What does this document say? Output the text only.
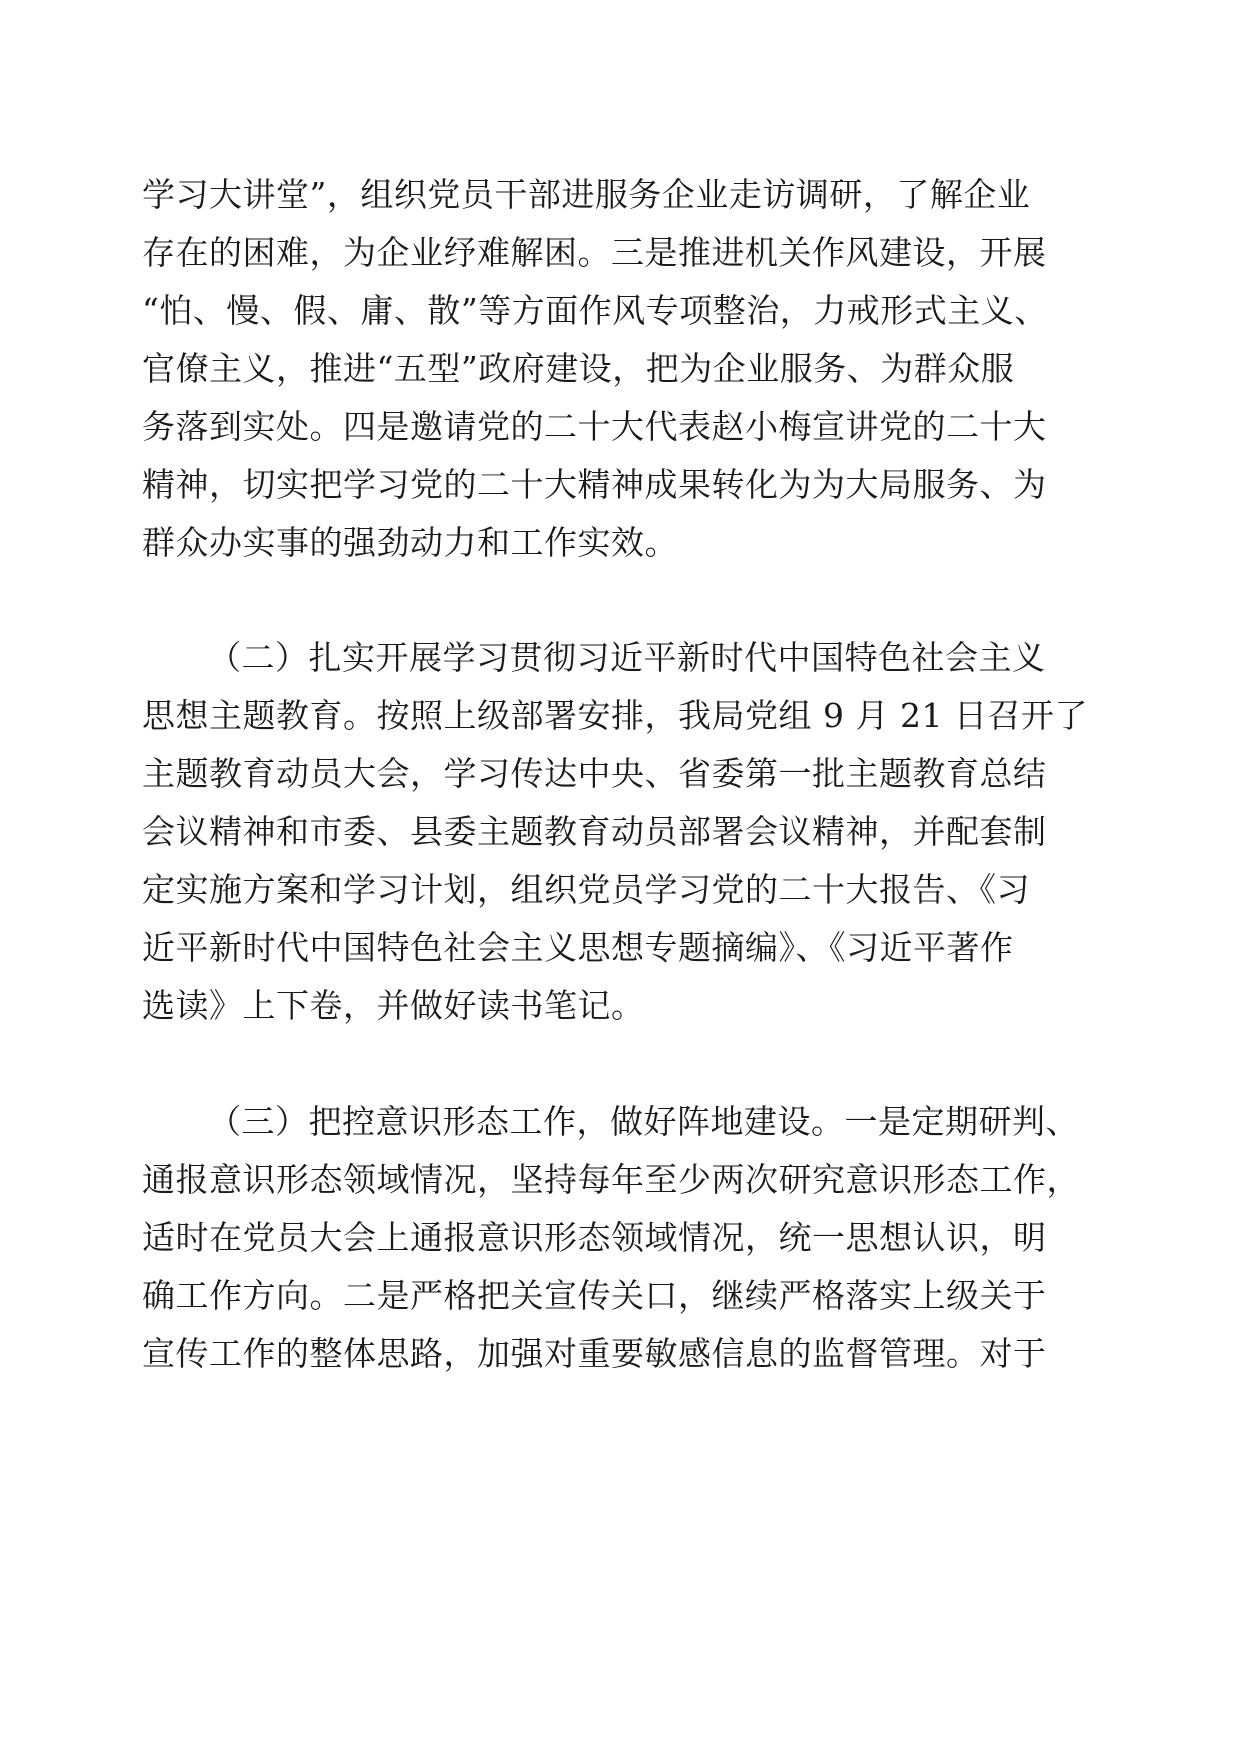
学习大讲堂”，组织党员干部进服务企业走访调研，了解企业

存在的困难，为企业纾难解困。三是推进机关作风建设，开展

“怕、慢、假、庸、散”等方面作风专项整治，力戒形式主义、

官僚主义，推进“五型”政府建设，把为企业服务、为群众服

务落到实处。四是邀请党的二十大代表赵小梅宣讲党的二十大

精神，切实把学习党的二十大精神成果转化为为大局服务、为

群众办实事的强劲动力和工作实效。

（二）扎实开展学习贯彻习近平新时代中国特色社会主义

思想主题教育。按照上级部署安排，我局党组 9 月 21 日召开了

主题教育动员大会，学习传达中央、省委第一批主题教育总结

会议精神和市委、县委主题教育动员部署会议精神，并配套制

定实施方案和学习计划，组织党员学习党的二十大报告、《习

近平新时代中国特色社会主义思想专题摘编》、《习近平著作

选读》上下卷，并做好读书笔记。

（三）把控意识形态工作，做好阵地建设。一是定期研判、

通报意识形态领域情况，坚持每年至少两次研究意识形态工作，

适时在党员大会上通报意识形态领域情况，统一思想认识，明

确工作方向。二是严格把关宣传关口，继续严格落实上级关于

宣传工作的整体思路，加强对重要敏感信息的监督管理。对于
